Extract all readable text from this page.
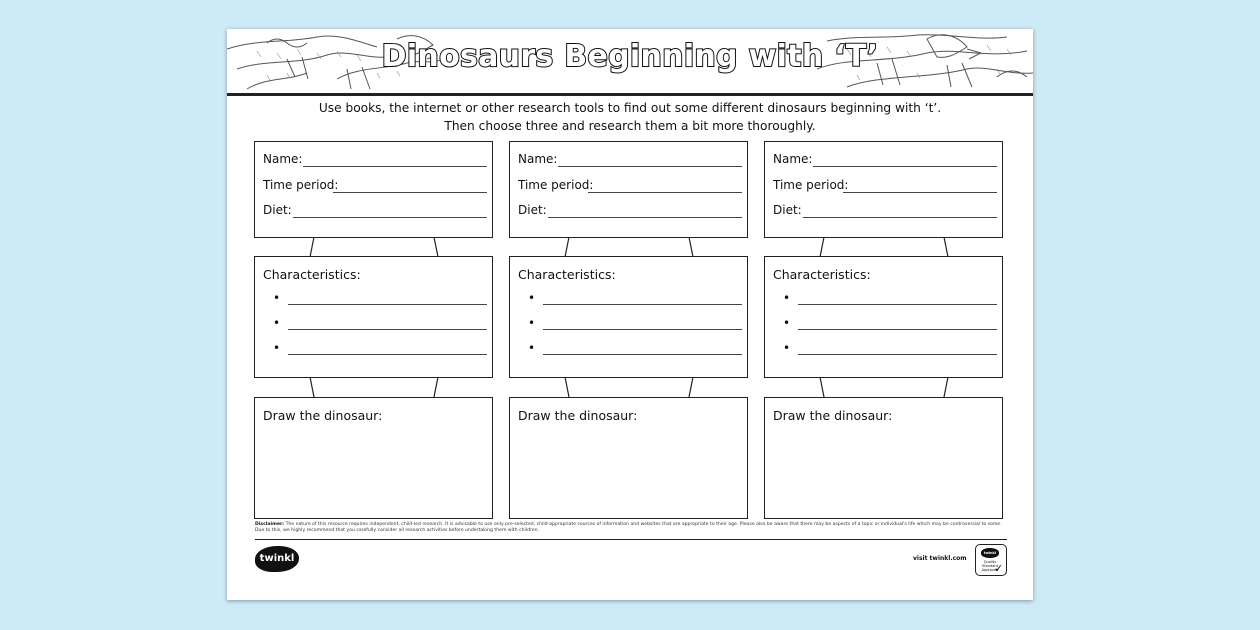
Dinosaurs Beginning with ‘T’
Use books, the internet or other research tools to find out some different dinosaurs beginning with ‘t’.
Then choose three and research them a bit more thoroughly.
Name:
Time period:
Diet:
Characteristics:
•
•
•
Draw the dinosaur:
Name:
Time period:
Diet:
Characteristics:
•
•
•
Draw the dinosaur:
Name:
Time period:
Diet:
Characteristics:
•
•
•
Draw the dinosaur:
Disclaimer: The nature of this resource requires independent, child-led research. It is advisable to use only pre-selected, child-appropriate sources of information and websites that are appropriate to their age. Please also be aware that there may be aspects of a topic or individual's life which may be controversial to some. Due to this, we highly recommend that you carefully consider all research activities before undertaking them with children.
twinkl	visit twinkl.com
twinkl
Quality Standard Approved
✓
